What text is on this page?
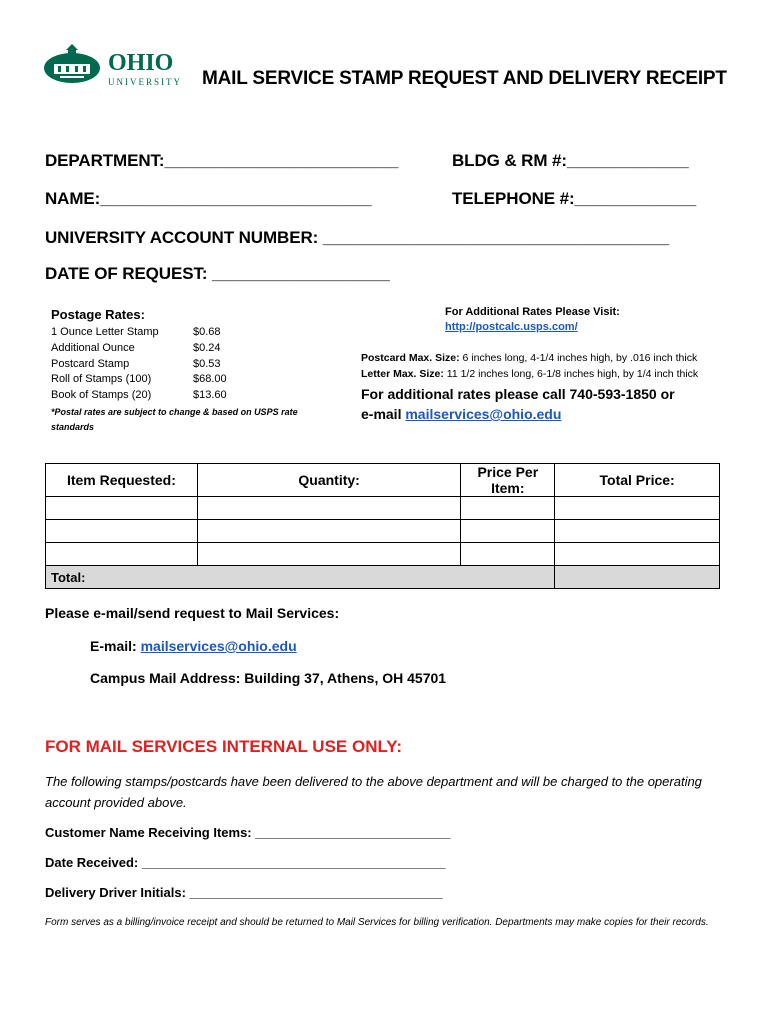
OHIO
UNIVERSITY MAIL SERVICE STAMP REQUEST AND DELIVERY RECEIPT
DEPARTMENT:_________________________	BLDG & RM #:_____________
NAME:_____________________________	TELEPHONE #:_____________
UNIVERSITY ACCOUNT NUMBER: _____________________________________
DATE OF REQUEST: ___________________
Postage Rates:
1 Ounce Letter Stamp	$0.68
Additional Ounce	$0.24
Postcard Stamp	$0.53
Roll of Stamps (100)	$68.00
Book of Stamps (20)	$13.60
*Postal rates are subject to change & based on USPS rate standards
For Additional Rates Please Visit:
http://postcalc.usps.com/
Postcard Max. Size: 6 inches long, 4-1/4 inches high, by .016 inch thick
Letter Max. Size: 11 1/2 inches long, 6-1/8 inches high, by 1/4 inch thick
For additional rates please call 740-593-1850 or
e-mail mailservices@ohio.edu
Item Requested:	Quantity:	Price Per Item:	Total Price:

Total:			
Please e-mail/send request to Mail Services:
E-mail: mailservices@ohio.edu
Campus Mail Address: Building 37, Athens, OH 45701
FOR MAIL SERVICES INTERNAL USE ONLY:
The following stamps/postcards have been delivered to the above department and will be charged to the operating account provided above.
Customer Name Receiving Items: ___________________________
Date Received: __________________________________________
Delivery Driver Initials: ___________________________________
Form serves as a billing/invoice receipt and should be returned to Mail Services for billing verification. Departments may make copies for their records.
